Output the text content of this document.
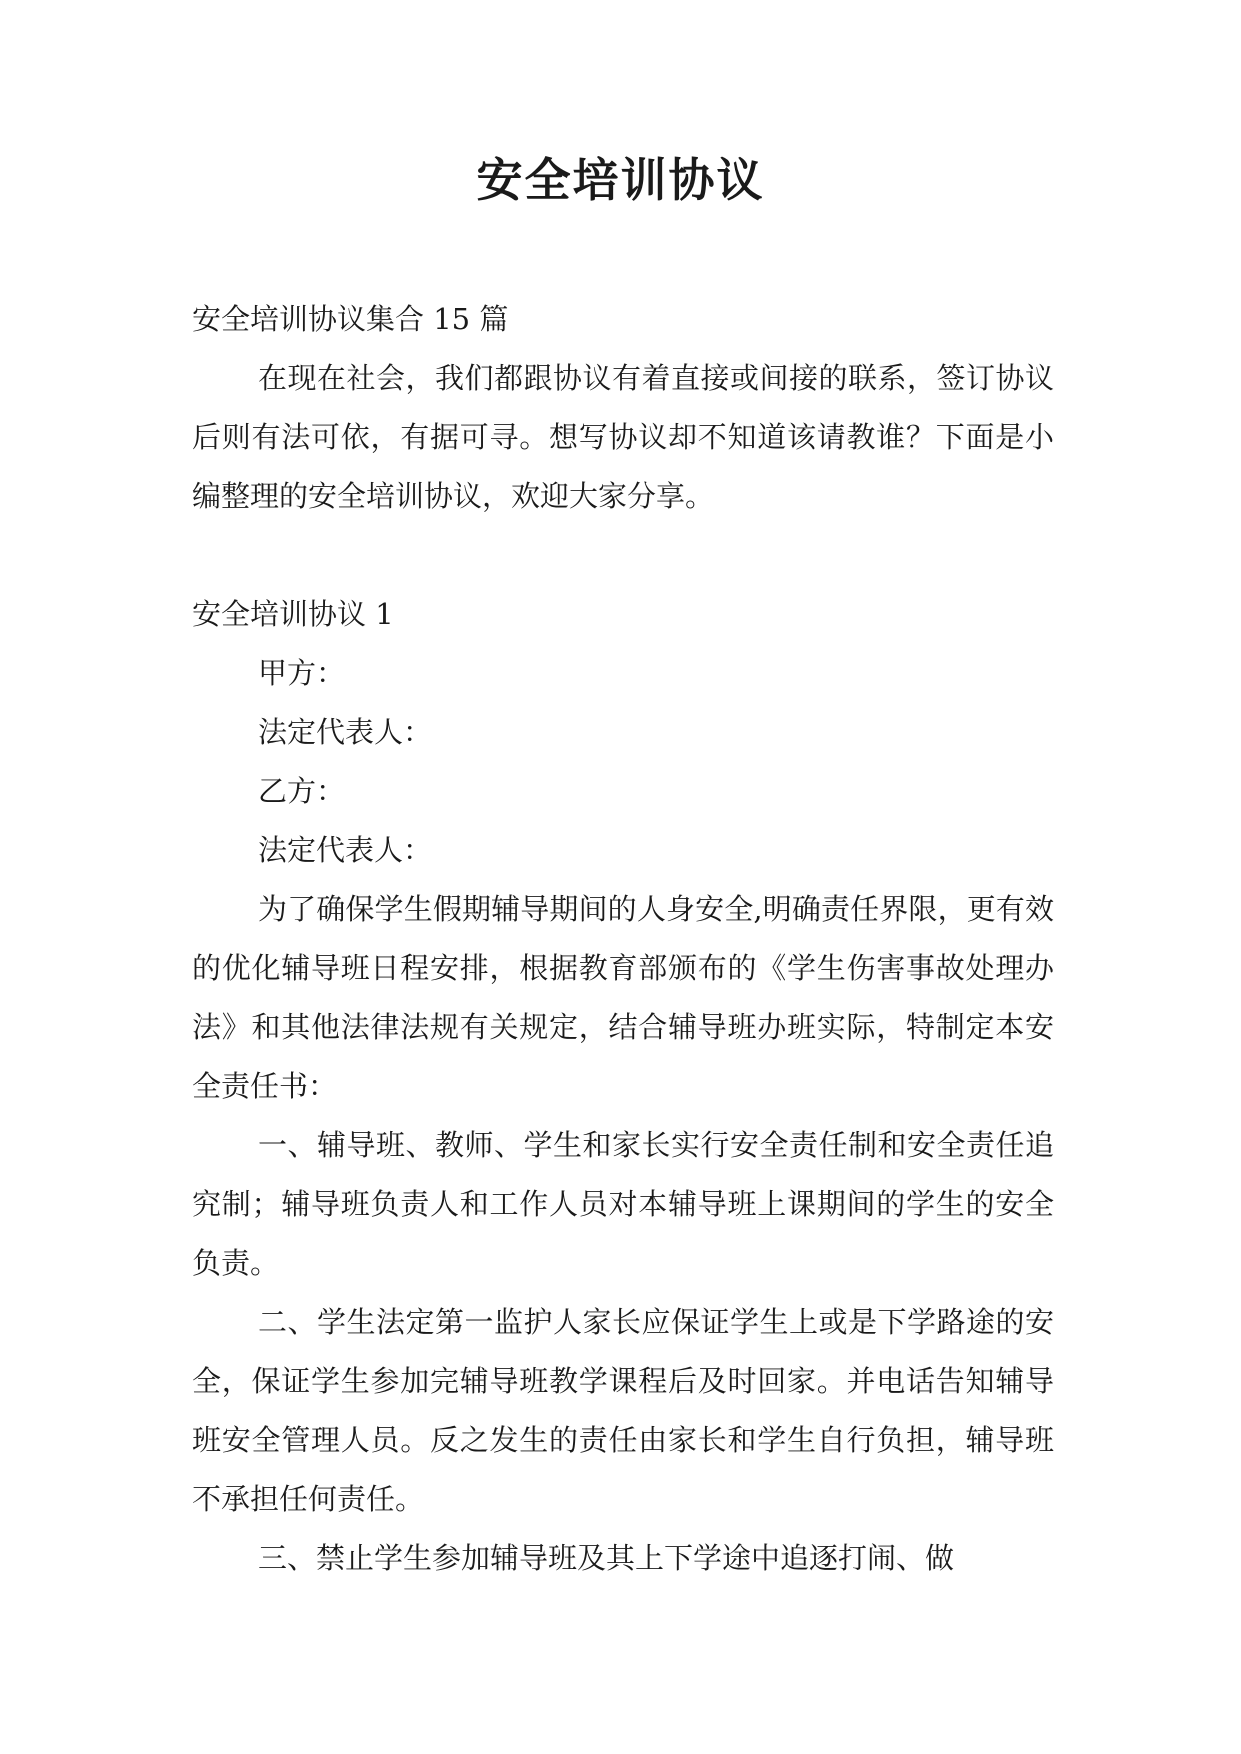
安全培训协议

安全培训协议集合 15 篇

在现在社会，我们都跟协议有着直接或间接的联系，签订协议后则有法可依，有据可寻。想写协议却不知道该请教谁？下面是小编整理的安全培训协议，欢迎大家分享。

安全培训协议 1

甲方：

法定代表人：

乙方：

法定代表人：

为了确保学生假期辅导期间的人身安全,明确责任界限，更有效的优化辅导班日程安排，根据教育部颁布的《学生伤害事故处理办法》和其他法律法规有关规定，结合辅导班办班实际，特制定本安全责任书：

一、辅导班、教师、学生和家长实行安全责任制和安全责任追究制；辅导班负责人和工作人员对本辅导班上课期间的学生的安全负责。

二、学生法定第一监护人家长应保证学生上或是下学路途的安全，保证学生参加完辅导班教学课程后及时回家。并电话告知辅导班安全管理人员。反之发生的责任由家长和学生自行负担，辅导班不承担任何责任。

三、禁止学生参加辅导班及其上下学途中追逐打闹、做
